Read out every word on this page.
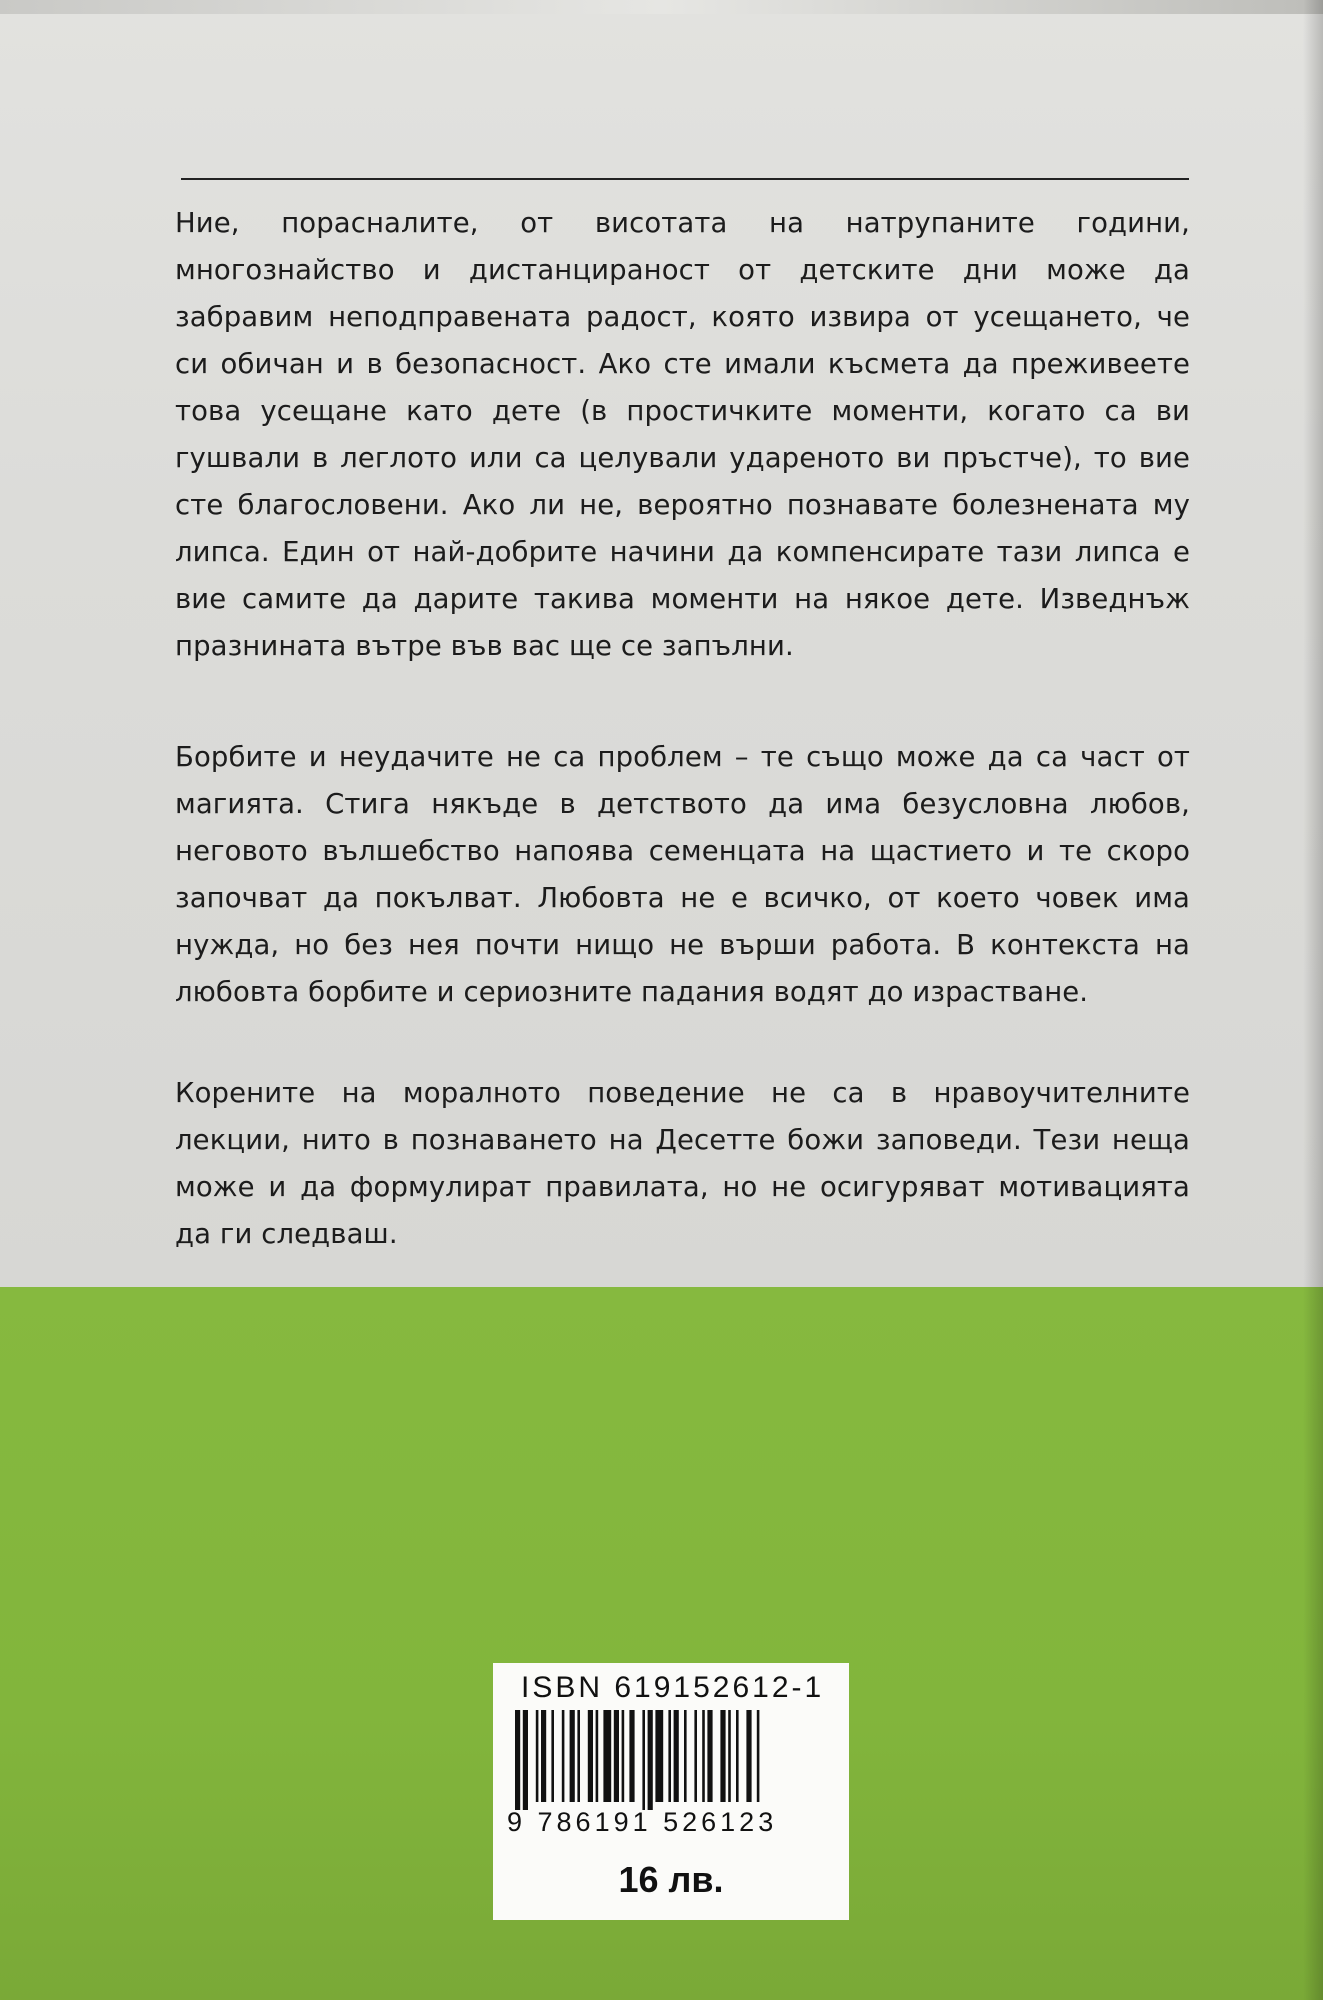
Ние, порасналите, от висотата на натрупаните години, многознайство и дистанцираност от детските дни може да забравим неподправената радост, която извира от усещането, че си обичан и в безопасност. Ако сте имали късмета да преживеете това усещане като дете (в простичките моменти, когато са ви гушвали в леглото или са целували удареното ви пръстче), то вие сте благословени. Ако ли не, вероятно познавате болезнената му липса. Един от най-добрите начини да компенсирате тази липса е вие самите да дарите такива моменти на някое дете. Изведнъж празнината вътре във вас ще се запълни.

Борбите и неудачите не са проблем – те също може да са част от магията. Стига някъде в детството да има безусловна любов, неговото вълшебство напоява семенцата на щастието и те скоро започват да покълват. Любовта не е всичко, от което човек има нужда, но без нея почти нищо не върши работа. В контекста на любовта борбите и сериозните падания водят до израстване.

Корените на моралното поведение не са в нравоучителните лекции, нито в познаването на Десетте божи заповеди. Тези неща може и да формулират правилата, но не осигуряват мотивацията да ги следваш.

ISBN 619152612-1
9 786191 526123
16 лв.
